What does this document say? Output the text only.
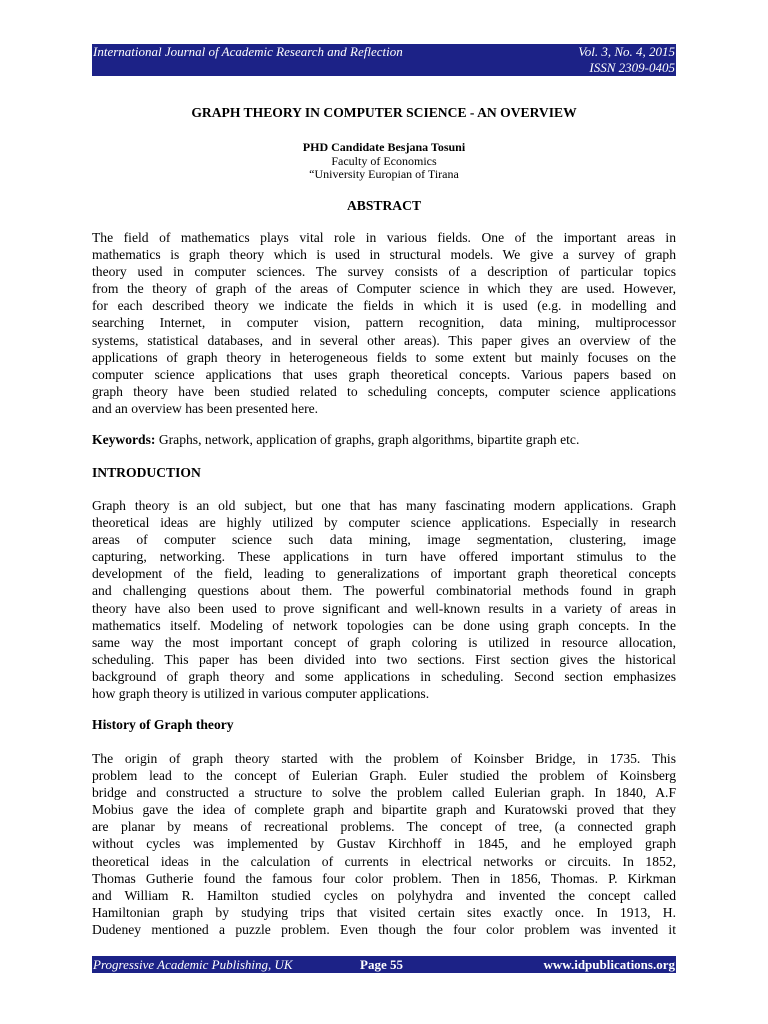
International Journal of Academic Research and Reflection	Vol. 3, No. 4, 2015
ISSN 2309-0405
GRAPH THEORY IN COMPUTER SCIENCE - AN OVERVIEW
PHD Candidate Besjana Tosuni
Faculty of Economics
“University Europian of Tirana
ABSTRACT
The field of mathematics plays vital role in various fields. One of the important areas in
mathematics is graph theory which is used in structural models. We give a survey of graph
theory used in computer sciences. The survey consists of a description of particular topics
from the theory of graph of the areas of Computer science in which they are used. However,
for each described theory we indicate the fields in which it is used (e.g. in modelling and
searching Internet, in computer vision, pattern recognition, data mining, multiprocessor
systems, statistical databases, and in several other areas). This paper gives an overview of the
applications of graph theory in heterogeneous fields to some extent but mainly focuses on the
computer science applications that uses graph theoretical concepts. Various papers based on
graph theory have been studied related to scheduling concepts, computer science applications
and an overview has been presented here.
Keywords: Graphs, network, application of graphs, graph algorithms, bipartite graph etc.
INTRODUCTION
Graph theory is an old subject, but one that has many fascinating modern applications. Graph
theoretical ideas are highly utilized by computer science applications. Especially in research
areas of computer science such data mining, image segmentation, clustering, image
capturing, networking. These applications in turn have offered important stimulus to the
development of the field, leading to generalizations of important graph theoretical concepts
and challenging questions about them. The powerful combinatorial methods found in graph
theory have also been used to prove significant and well-known results in a variety of areas in
mathematics itself. Modeling of network topologies can be done using graph concepts. In the
same way the most important concept of graph coloring is utilized in resource allocation,
scheduling. This paper has been divided into two sections. First section gives the historical
background of graph theory and some applications in scheduling. Second section emphasizes
how graph theory is utilized in various computer applications.
History of Graph theory
The origin of graph theory started with the problem of Koinsber Bridge, in 1735. This
problem lead to the concept of Eulerian Graph. Euler studied the problem of Koinsberg
bridge and constructed a structure to solve the problem called Eulerian graph. In 1840, A.F
Mobius gave the idea of complete graph and bipartite graph and Kuratowski proved that they
are planar by means of recreational problems. The concept of tree, (a connected graph
without cycles was implemented by Gustav Kirchhoff in 1845, and he employed graph
theoretical ideas in the calculation of currents in electrical networks or circuits. In 1852,
Thomas Gutherie found the famous four color problem. Then in 1856, Thomas. P. Kirkman
and William R. Hamilton studied cycles on polyhydra and invented the concept called
Hamiltonian graph by studying trips that visited certain sites exactly once. In 1913, H.
Dudeney mentioned a puzzle problem. Even though the four color problem was invented it
Progressive Academic Publishing, UK	Page 55	www.idpublications.org
